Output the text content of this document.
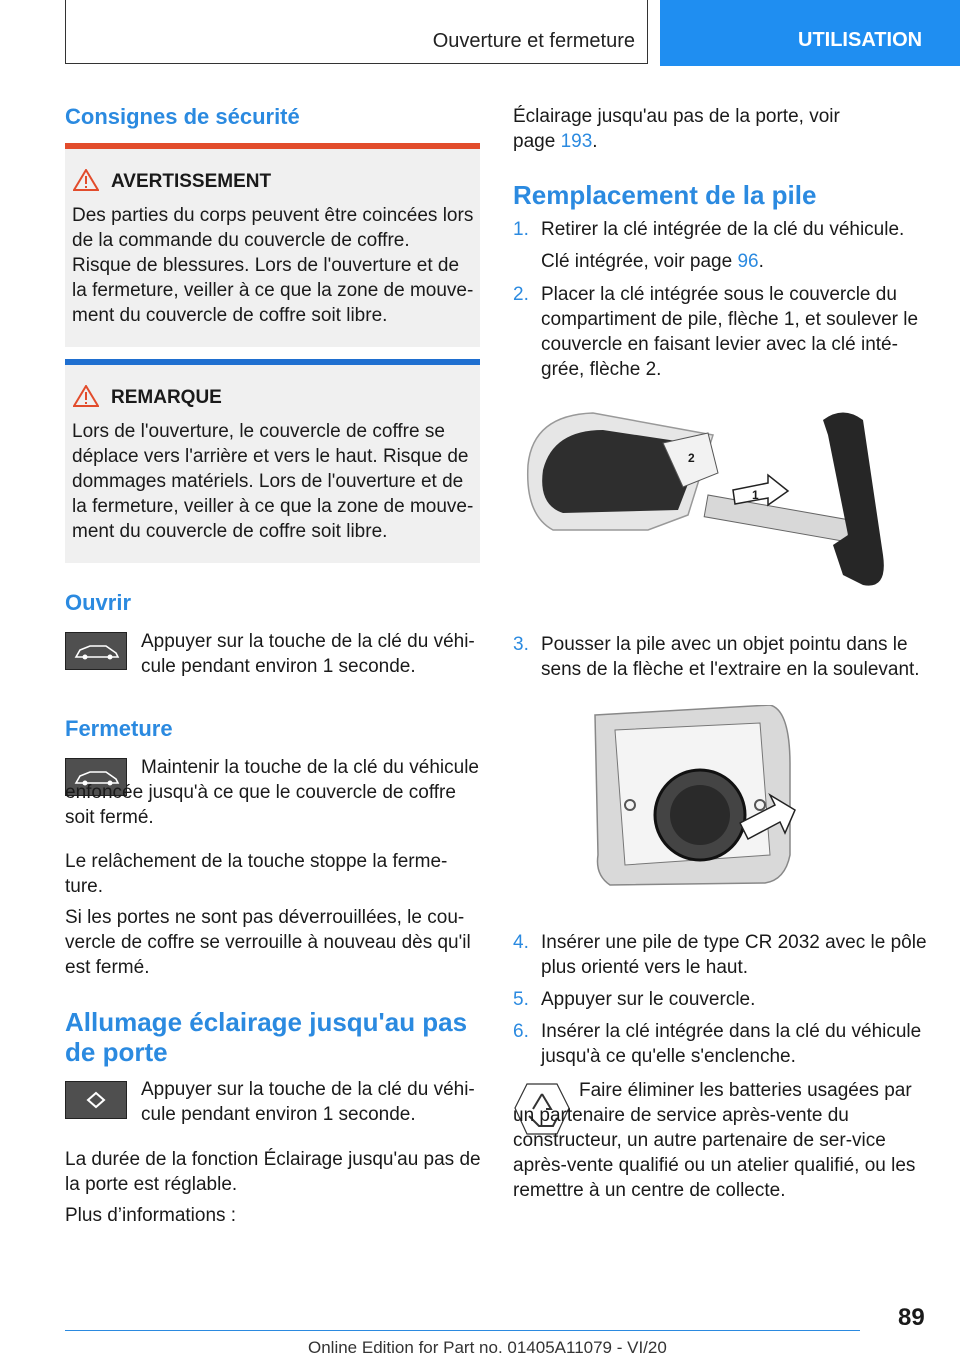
Ouverture et fermeture	UTILISATION
Consignes de sécurité
AVERTISSEMENT
Des parties du corps peuvent être coincées lors de la commande du couvercle de coffre. Risque de blessures. Lors de l'ouverture et de la fermeture, veiller à ce que la zone de mouve-ment du couvercle de coffre soit libre.
REMARQUE
Lors de l'ouverture, le couvercle de coffre se déplace vers l'arrière et vers le haut. Risque de dommages matériels. Lors de l'ouverture et de la fermeture, veiller à ce que la zone de mouve-ment du couvercle de coffre soit libre.
Ouvrir
Appuyer sur la touche de la clé du véhi-cule pendant environ 1 seconde.
Fermeture
Maintenir la touche de la clé du véhicule enfoncée jusqu'à ce que le couvercle de coffre soit fermé.
Le relâchement de la touche stoppe la ferme-ture.
Si les portes ne sont pas déverrouillées, le cou-vercle de coffre se verrouille à nouveau dès qu'il est fermé.
Allumage éclairage jusqu'au pas de porte
Appuyer sur la touche de la clé du véhi-cule pendant environ 1 seconde.
La durée de la fonction Éclairage jusqu'au pas de la porte est réglable.
Plus d’informations :
Éclairage jusqu'au pas de la porte, voir page 193.
Remplacement de la pile
1. Retirer la clé intégrée de la clé du véhicule.
Clé intégrée, voir page 96.
2. Placer la clé intégrée sous le couvercle du compartiment de pile, flèche 1, et soulever le couvercle en faisant levier avec la clé inté-grée, flèche 2.
1
2
3. Pousser la pile avec un objet pointu dans le sens de la flèche et l'extraire en la soulevant.
4. Insérer une pile de type CR 2032 avec le pôle plus orienté vers le haut.
5. Appuyer sur le couvercle.
6. Insérer la clé intégrée dans la clé du véhicule jusqu'à ce qu'elle s'enclenche.
Faire éliminer les batteries usagées par un partenaire de service après-vente du constructeur, un autre partenaire de ser-vice après-vente qualifié ou un atelier qualifié, ou les remettre à un centre de collecte.
89
Online Edition for Part no. 01405A11079 - VI/20
